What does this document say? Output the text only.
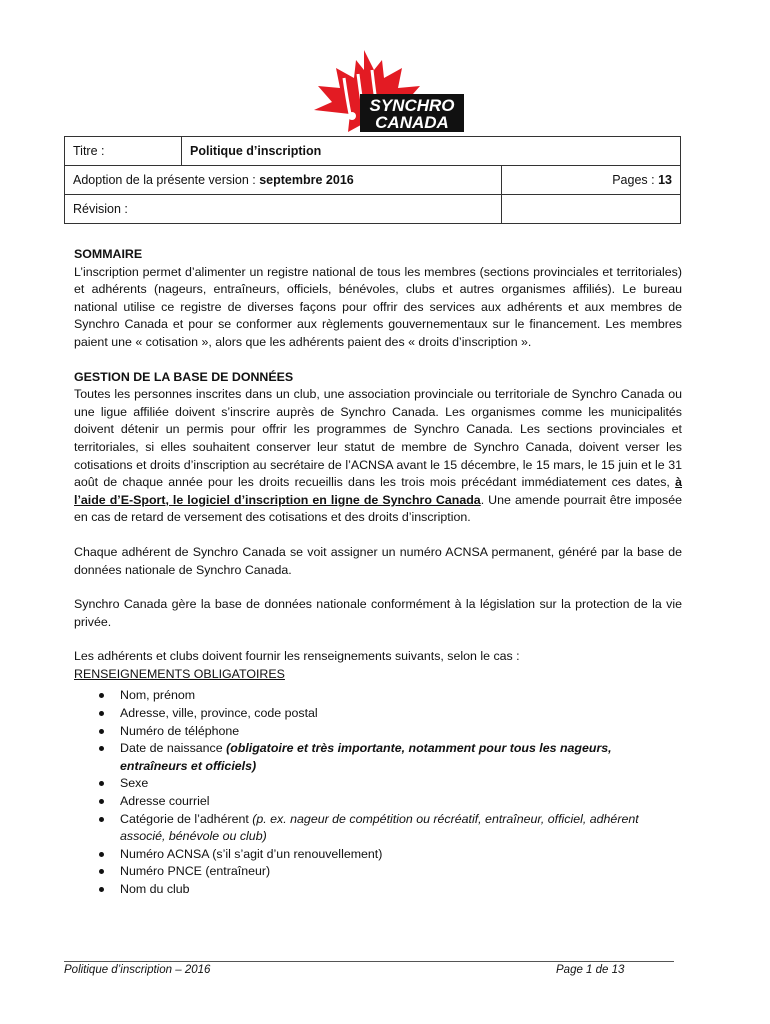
SYNCHRO
CANADA
Titre :	Politique d’inscription	
Adoption de la présente version : septembre 2016		Pages : 13
Révision :		

SOMMAIRE

L’inscription permet d’alimenter un registre national de tous les membres (sections provinciales et territoriales) et adhérents (nageurs, entraîneurs, officiels, bénévoles, clubs et autres organismes affiliés). Le bureau national utilise ce registre de diverses façons pour offrir des services aux adhérents et aux membres de Synchro Canada et pour se conformer aux règlements gouvernementaux sur le financement. Les membres paient une « cotisation », alors que les adhérents paient des « droits d’inscription ».

GESTION DE LA BASE DE DONNÉES

Toutes les personnes inscrites dans un club, une association provinciale ou territoriale de Synchro Canada ou une ligue affiliée doivent s’inscrire auprès de Synchro Canada. Les organismes comme les municipalités doivent détenir un permis pour offrir les programmes de Synchro Canada. Les sections provinciales et territoriales, si elles souhaitent conserver leur statut de membre de Synchro Canada, doivent verser les cotisations et droits d’inscription au secrétaire de l’ACNSA avant le 15 décembre, le 15 mars, le 15 juin et le 31 août de chaque année pour les droits recueillis dans les trois mois précédant immédiatement ces dates, à l’aide d’E-Sport, le logiciel d’inscription en ligne de Synchro Canada. Une amende pourrait être imposée en cas de retard de versement des cotisations et des droits d’inscription.

Chaque adhérent de Synchro Canada se voit assigner un numéro ACNSA permanent, généré par la base de données nationale de Synchro Canada.

Synchro Canada gère la base de données nationale conformément à la législation sur la protection de la vie privée.

Les adhérents et clubs doivent fournir les renseignements suivants, selon le cas :

RENSEIGNEMENTS OBLIGATOIRES

Nom, prénom
Adresse, ville, province, code postal
Numéro de téléphone
Date de naissance (obligatoire et très importante, notamment pour tous les nageurs, entraîneurs et officiels)
Sexe
Adresse courriel
Catégorie de l’adhérent (p. ex. nageur de compétition ou récréatif, entraîneur, officiel, adhérent associé, bénévole ou club)
Numéro ACNSA (s’il s’agit d’un renouvellement)
Numéro PNCE (entraîneur)
Nom du club
Politique d’inscription – 2016	Page 1 de 13
